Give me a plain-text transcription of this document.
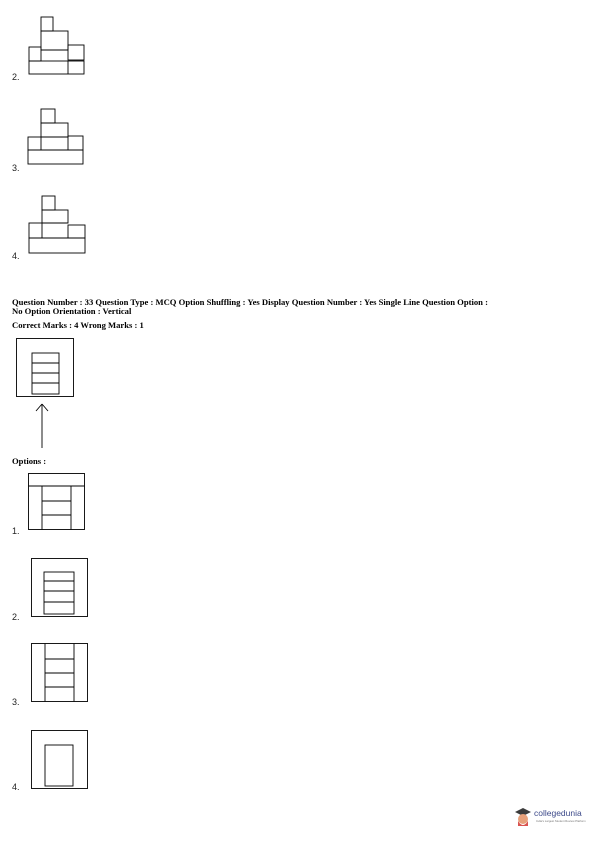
2.
3.
4.
Question Number : 33 Question Type : MCQ Option Shuffling : Yes Display Question Number : Yes Single Line Question Option :
No Option Orientation : Vertical
Correct Marks : 4 Wrong Marks : 1
Options :
1.
2.
3.
4.
collegedunia
India's Largest Student Review Platform
